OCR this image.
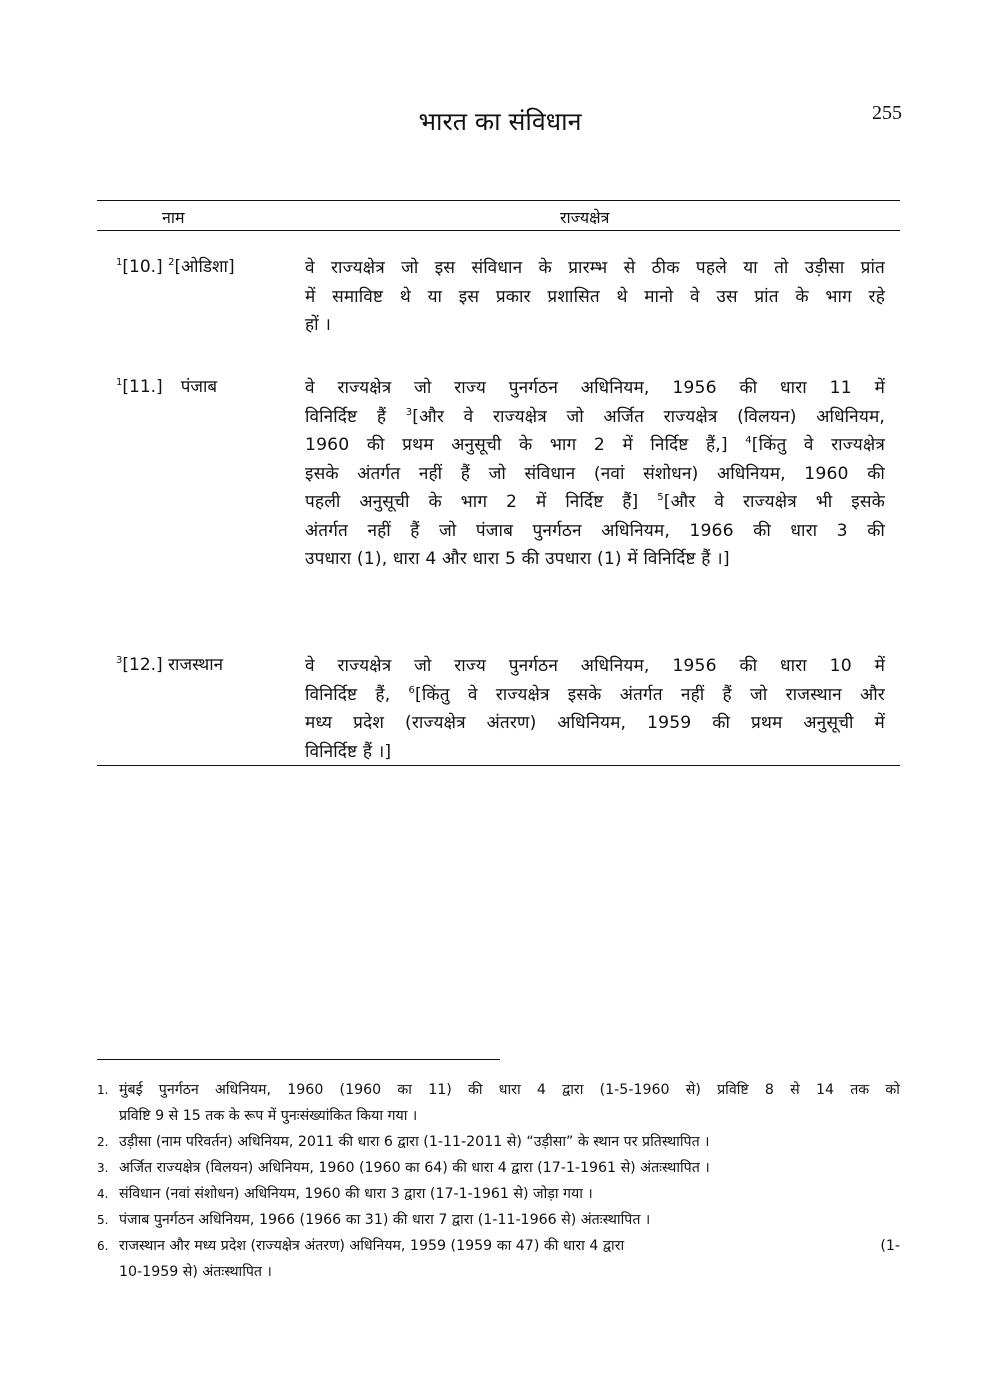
भारत का संविधान	255
नाम	राज्यक्षेत्र
$^1$[10.] $^2$[ओडिशा]	वे राज्यक्षेत्र जो इस संविधान के प्रारम्भ से ठीक पहले या तो उड़ीसा प्रांत
में समाविष्ट थे या इस प्रकार प्रशासित थे मानो वे उस प्रांत के भाग रहे
हों ।
$^1$[11.] पंजाब	वे राज्यक्षेत्र जो राज्य पुनर्गठन अधिनियम, 1956 की धारा 11 में
विनिर्दिष्ट हैं $^3$[और वे राज्यक्षेत्र जो अर्जित राज्यक्षेत्र (विलयन) अधिनियम,
1960 की प्रथम अनुसूची के भाग 2 में निर्दिष्ट हैं,] $^4$[किंतु वे राज्यक्षेत्र
इसके अंतर्गत नहीं हैं जो संविधान (नवां संशोधन) अधिनियम, 1960 की
पहली अनुसूची के भाग 2 में निर्दिष्ट हैं] $^5$[और वे राज्यक्षेत्र भी इसके
अंतर्गत नहीं हैं जो पंजाब पुनर्गठन अधिनियम, 1966 की धारा 3 की
उपधारा (1), धारा 4 और धारा 5 की उपधारा (1) में विनिर्दिष्ट हैं ।]
$^3$[12.] राजस्थान	वे राज्यक्षेत्र जो राज्य पुनर्गठन अधिनियम, 1956 की धारा 10 में
विनिर्दिष्ट हैं, $^6$[किंतु वे राज्यक्षेत्र इसके अंतर्गत नहीं हैं जो राजस्थान और
मध्य प्रदेश (राज्यक्षेत्र अंतरण) अधिनियम, 1959 की प्रथम अनुसूची में
विनिर्दिष्ट हैं ।]
1. मुंबई पुनर्गठन अधिनियम, 1960 (1960 का 11) की धारा 4 द्वारा (1-5-1960 से) प्रविष्टि 8 से 14 तक को
प्रविष्टि 9 से 15 तक के रूप में पुनःसंख्यांकित किया गया ।
2. उड़ीसा (नाम परिवर्तन) अधिनियम, 2011 की धारा 6 द्वारा (1-11-2011 से) “उड़ीसा” के स्थान पर प्रतिस्थापित ।
3. अर्जित राज्यक्षेत्र (विलयन) अधिनियम, 1960 (1960 का 64) की धारा 4 द्वारा (17-1-1961 से) अंतःस्थापित ।
4. संविधान (नवां संशोधन) अधिनियम, 1960 की धारा 3 द्वारा (17-1-1961 से) जोड़ा गया ।
5. पंजाब पुनर्गठन अधिनियम, 1966 (1966 का 31) की धारा 7 द्वारा (1-11-1966 से) अंतःस्थापित ।
6. राजस्थान और मध्य प्रदेश (राज्यक्षेत्र अंतरण) अधिनियम, 1959 (1959 का 47) की धारा 4 द्वारा	(1-
10-1959 से) अंतःस्थापित ।
